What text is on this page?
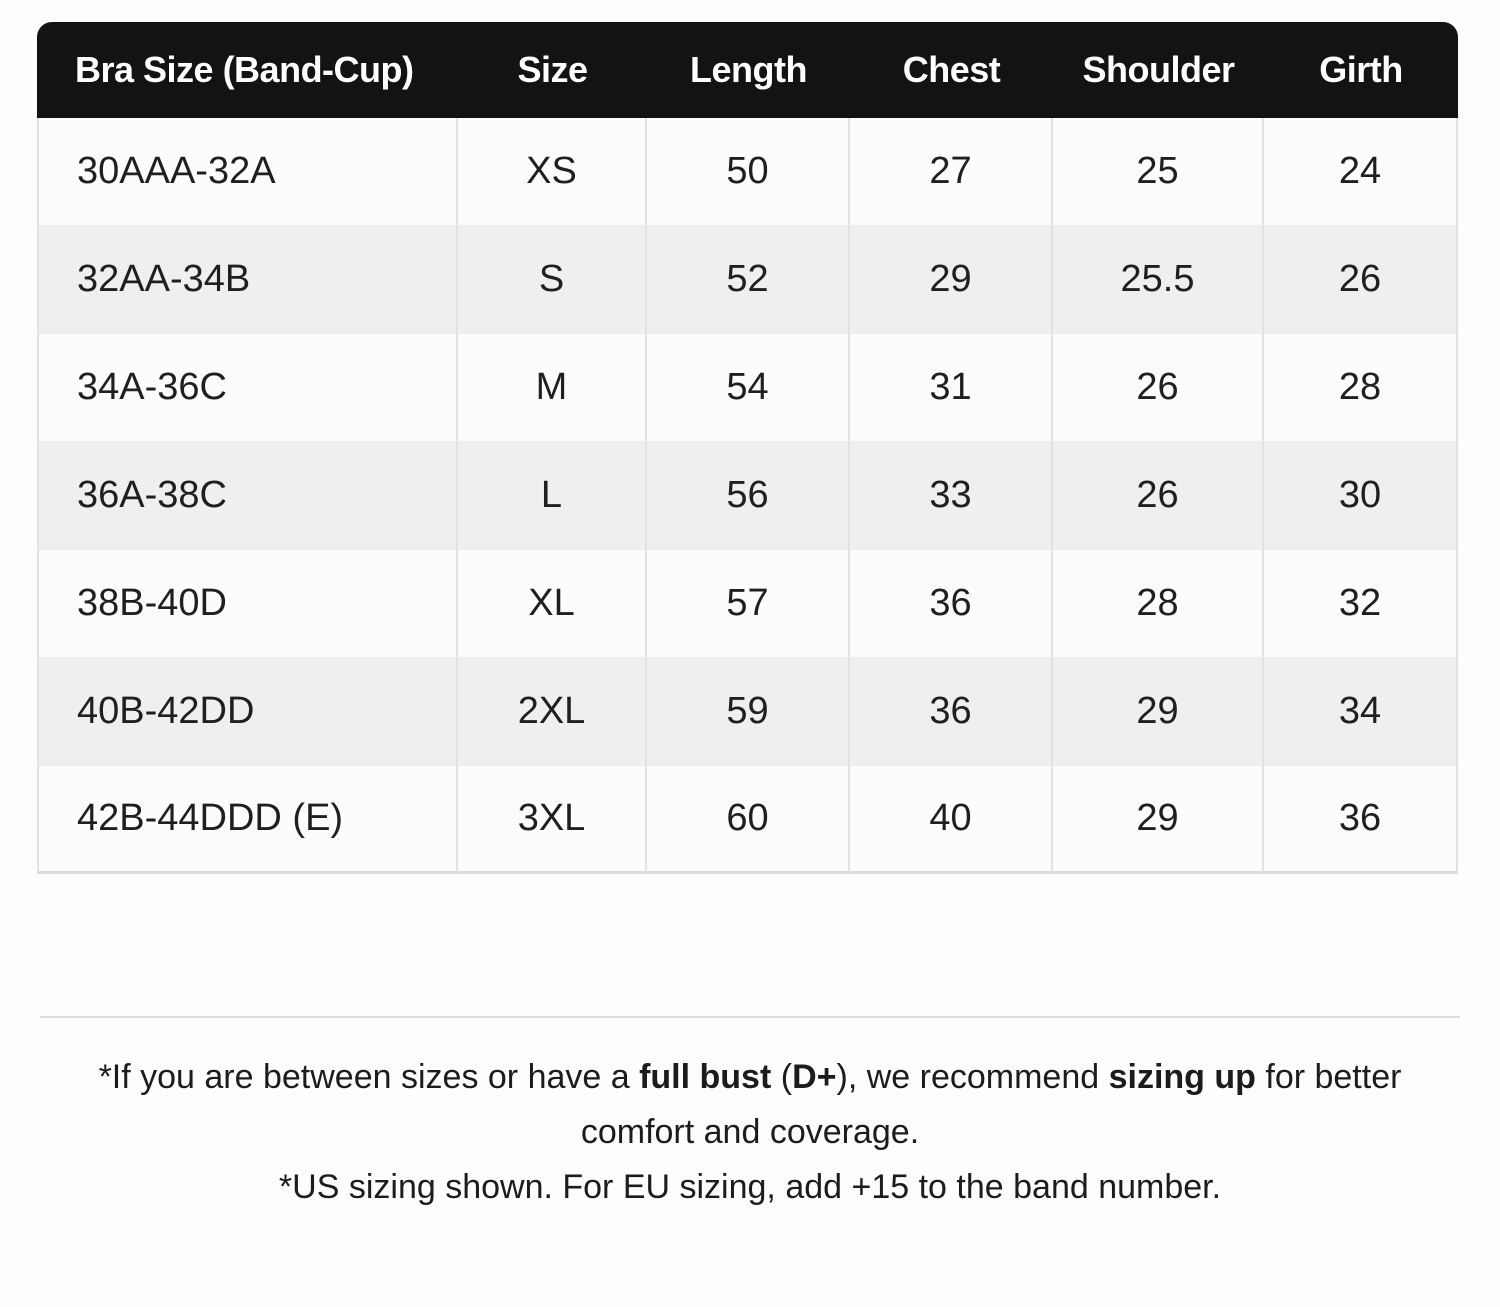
Bra Size (Band-Cup)	Size	Length	Chest	Shoulder	Girth
30AAA-32A	XS	50	27	25	24
32AA-34B	S	52	29	25.5	26
34A-36C	M	54	31	26	28
36A-38C	L	56	33	26	30
38B-40D	XL	57	36	28	32
40B-42DD	2XL	59	36	29	34
42B-44DDD (E)	3XL	60	40	29	36

*If you are between sizes or have a full bust (D+), we recommend sizing up for better comfort and coverage.

*US sizing shown. For EU sizing, add +15 to the band number.
